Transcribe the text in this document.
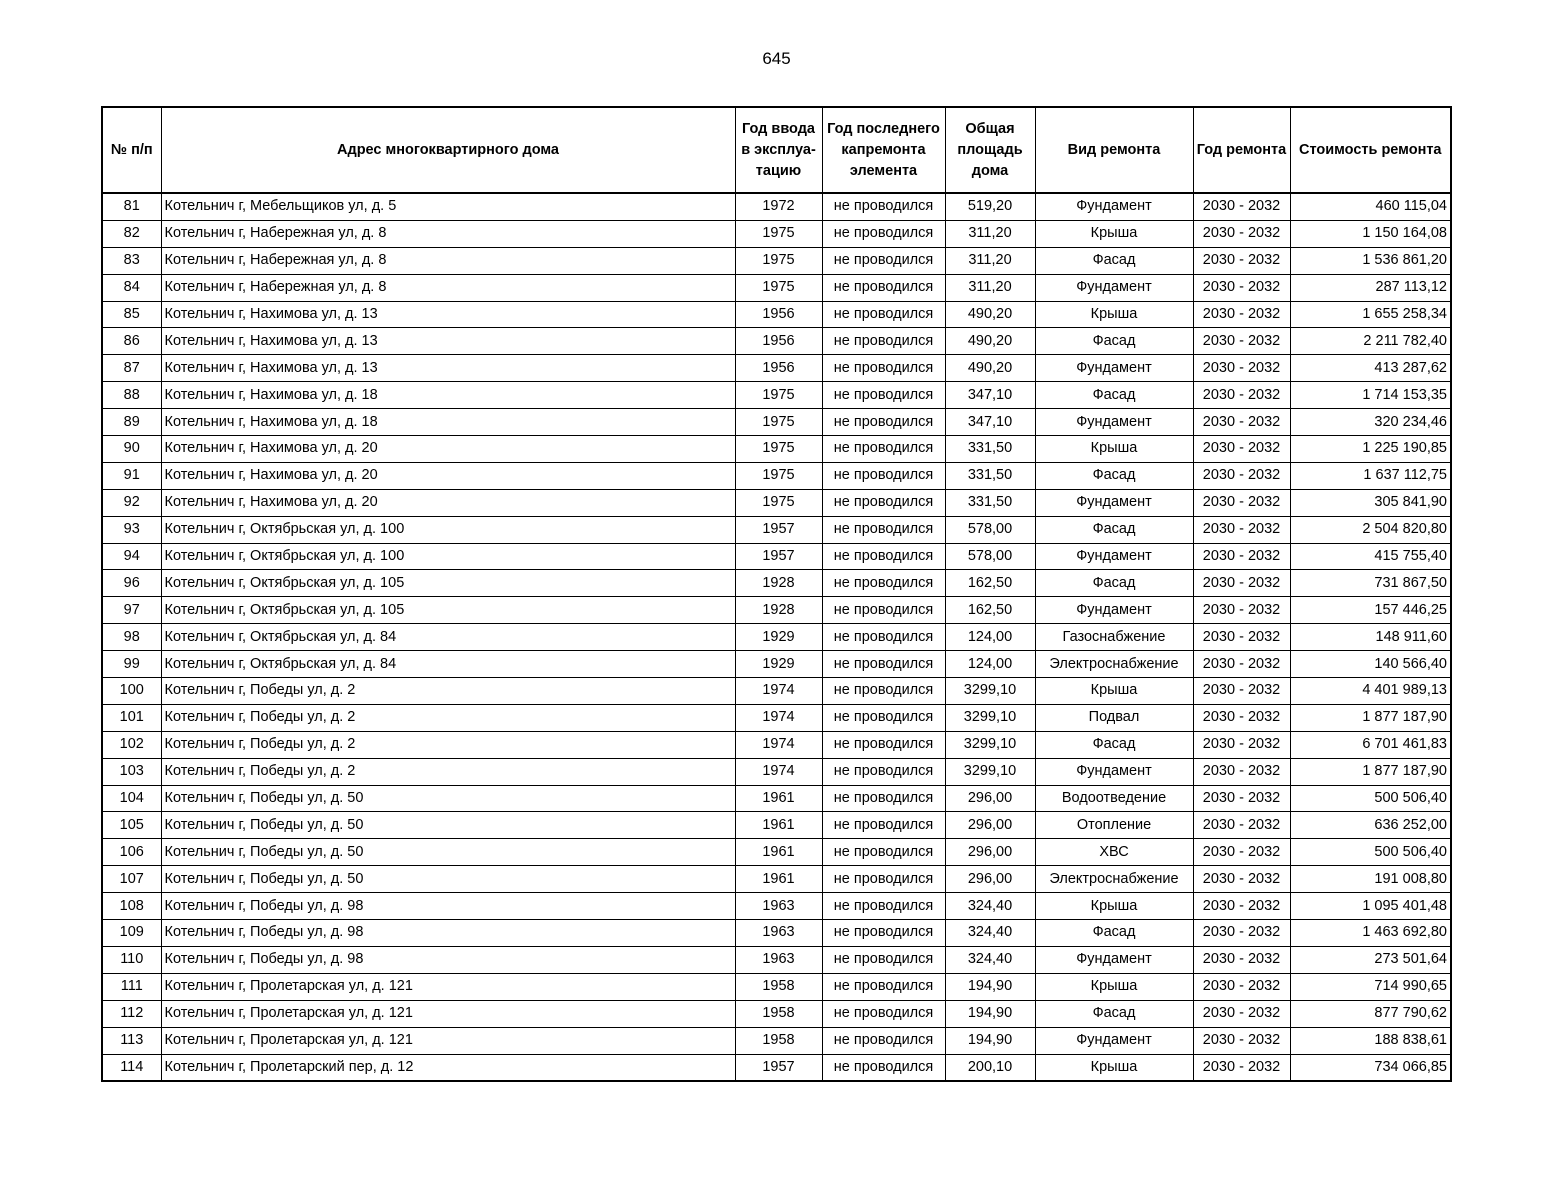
645
№ п/п	Адрес многоквартирного дома	Год ввода в эксплуа-тацию	Год последнего капремонта элемента	Общая площадь дома	Вид ремонта	Год ремонта	Стоимость ремонта
81	Котельнич г, Мебельщиков ул, д. 5	1972	не проводился	519,20	Фундамент	2030 - 2032	460 115,04
82	Котельнич г, Набережная ул, д. 8	1975	не проводился	311,20	Крыша	2030 - 2032	1 150 164,08
83	Котельнич г, Набережная ул, д. 8	1975	не проводился	311,20	Фасад	2030 - 2032	1 536 861,20
84	Котельнич г, Набережная ул, д. 8	1975	не проводился	311,20	Фундамент	2030 - 2032	287 113,12
85	Котельнич г, Нахимова ул, д. 13	1956	не проводился	490,20	Крыша	2030 - 2032	1 655 258,34
86	Котельнич г, Нахимова ул, д. 13	1956	не проводился	490,20	Фасад	2030 - 2032	2 211 782,40
87	Котельнич г, Нахимова ул, д. 13	1956	не проводился	490,20	Фундамент	2030 - 2032	413 287,62
88	Котельнич г, Нахимова ул, д. 18	1975	не проводился	347,10	Фасад	2030 - 2032	1 714 153,35
89	Котельнич г, Нахимова ул, д. 18	1975	не проводился	347,10	Фундамент	2030 - 2032	320 234,46
90	Котельнич г, Нахимова ул, д. 20	1975	не проводился	331,50	Крыша	2030 - 2032	1 225 190,85
91	Котельнич г, Нахимова ул, д. 20	1975	не проводился	331,50	Фасад	2030 - 2032	1 637 112,75
92	Котельнич г, Нахимова ул, д. 20	1975	не проводился	331,50	Фундамент	2030 - 2032	305 841,90
93	Котельнич г, Октябрьская ул, д. 100	1957	не проводился	578,00	Фасад	2030 - 2032	2 504 820,80
94	Котельнич г, Октябрьская ул, д. 100	1957	не проводился	578,00	Фундамент	2030 - 2032	415 755,40
96	Котельнич г, Октябрьская ул, д. 105	1928	не проводился	162,50	Фасад	2030 - 2032	731 867,50
97	Котельнич г, Октябрьская ул, д. 105	1928	не проводился	162,50	Фундамент	2030 - 2032	157 446,25
98	Котельнич г, Октябрьская ул, д. 84	1929	не проводился	124,00	Газоснабжение	2030 - 2032	148 911,60
99	Котельнич г, Октябрьская ул, д. 84	1929	не проводился	124,00	Электроснабжение	2030 - 2032	140 566,40
100	Котельнич г, Победы ул, д. 2	1974	не проводился	3299,10	Крыша	2030 - 2032	4 401 989,13
101	Котельнич г, Победы ул, д. 2	1974	не проводился	3299,10	Подвал	2030 - 2032	1 877 187,90
102	Котельнич г, Победы ул, д. 2	1974	не проводился	3299,10	Фасад	2030 - 2032	6 701 461,83
103	Котельнич г, Победы ул, д. 2	1974	не проводился	3299,10	Фундамент	2030 - 2032	1 877 187,90
104	Котельнич г, Победы ул, д. 50	1961	не проводился	296,00	Водоотведение	2030 - 2032	500 506,40
105	Котельнич г, Победы ул, д. 50	1961	не проводился	296,00	Отопление	2030 - 2032	636 252,00
106	Котельнич г, Победы ул, д. 50	1961	не проводился	296,00	ХВС	2030 - 2032	500 506,40
107	Котельнич г, Победы ул, д. 50	1961	не проводился	296,00	Электроснабжение	2030 - 2032	191 008,80
108	Котельнич г, Победы ул, д. 98	1963	не проводился	324,40	Крыша	2030 - 2032	1 095 401,48
109	Котельнич г, Победы ул, д. 98	1963	не проводился	324,40	Фасад	2030 - 2032	1 463 692,80
110	Котельнич г, Победы ул, д. 98	1963	не проводился	324,40	Фундамент	2030 - 2032	273 501,64
111	Котельнич г, Пролетарская ул, д. 121	1958	не проводился	194,90	Крыша	2030 - 2032	714 990,65
112	Котельнич г, Пролетарская ул, д. 121	1958	не проводился	194,90	Фасад	2030 - 2032	877 790,62
113	Котельнич г, Пролетарская ул, д. 121	1958	не проводился	194,90	Фундамент	2030 - 2032	188 838,61
114	Котельнич г, Пролетарский пер, д. 12	1957	не проводился	200,10	Крыша	2030 - 2032	734 066,85
